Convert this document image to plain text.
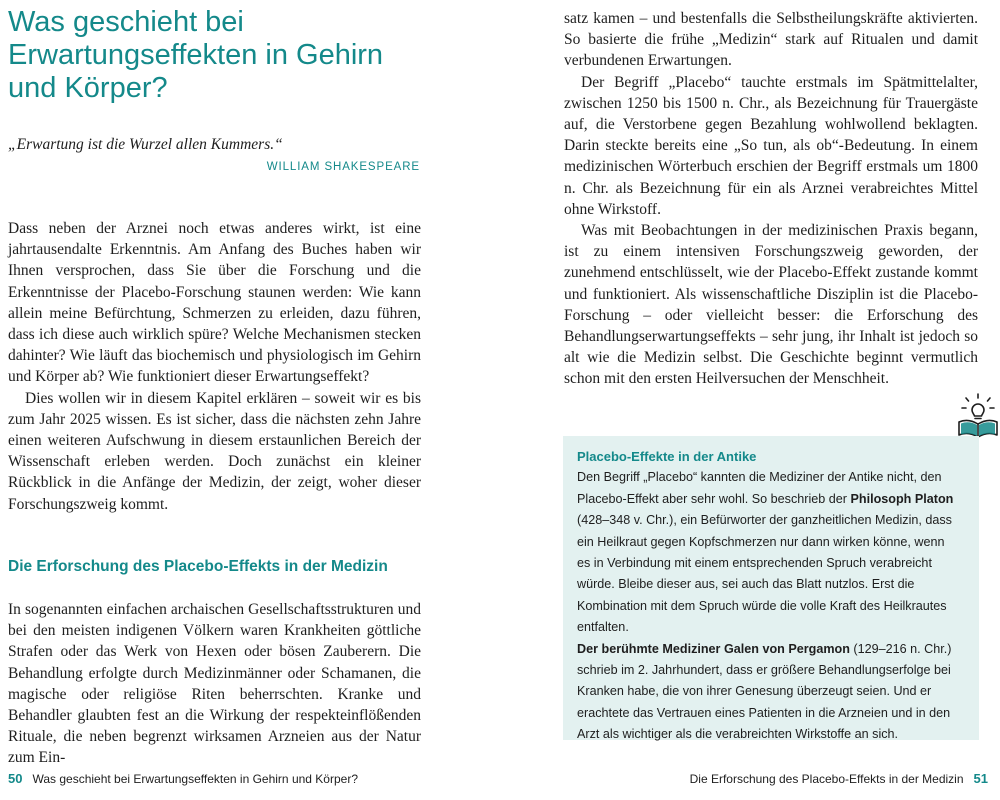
Was geschieht bei Erwartungseffekten in Gehirn und Körper?

„Erwartung ist die Wurzel allen Kummers.“

WILLIAM SHAKESPEARE

Dass neben der Arznei noch etwas anderes wirkt, ist eine jahrtausendalte Erkenntnis. Am Anfang des Buches haben wir Ihnen versprochen, dass Sie über die Forschung und die Erkenntnisse der Placebo-Forschung staunen werden: Wie kann allein meine Befürchtung, Schmerzen zu erleiden, dazu führen, dass ich diese auch wirklich spüre? Welche Mechanismen stecken dahinter? Wie läuft das biochemisch und physiologisch im Gehirn und Körper ab? Wie funktioniert dieser Erwartungseffekt?
Dies wollen wir in diesem Kapitel erklären – soweit wir es bis zum Jahr 2025 wissen. Es ist sicher, dass die nächsten zehn Jahre einen weiteren Aufschwung in diesem erstaunlichen Bereich der Wissenschaft erleben werden. Doch zunächst ein kleiner Rückblick in die Anfänge der Medizin, der zeigt, woher dieser Forschungszweig kommt.
Die Erforschung des Placebo-Effekts in der Medizin
In sogenannten einfachen archaischen Gesellschaftsstrukturen und bei den meisten indigenen Völkern waren Krankheiten göttliche Strafen oder das Werk von Hexen oder bösen Zauberern. Die Behandlung erfolgte durch Medizinmänner oder Schamanen, die magische oder religiöse Riten beherrschten. Kranke und Behandler glaubten fest an die Wirkung der respekteinflößenden Rituale, die neben begrenzt wirksamen Arzneien aus der Natur zum Ein-
50 Was geschieht bei Erwartungseffekten in Gehirn und Körper?
satz kamen – und bestenfalls die Selbstheilungskräfte aktivierten. So basierte die frühe „Medizin“ stark auf Ritualen und damit verbundenen Erwartungen.
Der Begriff „Placebo“ tauchte erstmals im Spätmittelalter, zwischen 1250 bis 1500 n. Chr., als Bezeichnung für Trauergäste auf, die Verstorbene gegen Bezahlung wohlwollend beklagten. Darin steckte bereits eine „So tun, als ob“-Bedeutung. In einem medizinischen Wörterbuch erschien der Begriff erstmals um 1800 n. Chr. als Bezeichnung für ein als Arznei verabreichtes Mittel ohne Wirkstoff.
Was mit Beobachtungen in der medizinischen Praxis begann, ist zu einem intensiven Forschungszweig geworden, der zunehmend entschlüsselt, wie der Placebo-Effekt zustande kommt und funktioniert. Als wissenschaftliche Disziplin ist die Placebo-Forschung – oder vielleicht besser: die Erforschung des Behandlungserwartungseffekts – sehr jung, ihr Inhalt ist jedoch so alt wie die Medizin selbst. Die Geschichte beginnt vermutlich schon mit den ersten Heilversuchen der Menschheit.

Placebo-Effekte in der Antike

Den Begriff „Placebo“ kannten die Mediziner der Antike nicht, den Placebo-Effekt aber sehr wohl. So beschrieb der Philosoph Platon (428–348 v. Chr.), ein Befürworter der ganzheitlichen Medizin, dass ein Heilkraut gegen Kopfschmerzen nur dann wirken könne, wenn es in Verbindung mit einem entsprechenden Spruch verabreicht würde. Bleibe dieser aus, sei auch das Blatt nutzlos. Erst die Kombination mit dem Spruch würde die volle Kraft des Heilkrautes entfalten.

Der berühmte Mediziner Galen von Pergamon (129–216 n. Chr.) schrieb im 2. Jahrhundert, dass er größere Behandlungserfolge bei Kranken habe, die von ihrer Genesung überzeugt seien. Und er erachtete das Vertrauen eines Patienten in die Arzneien und in den Arzt als wichtiger als die verabreichten Wirkstoffe an sich.

Die Erforschung des Placebo-Effekts in der Medizin 51
